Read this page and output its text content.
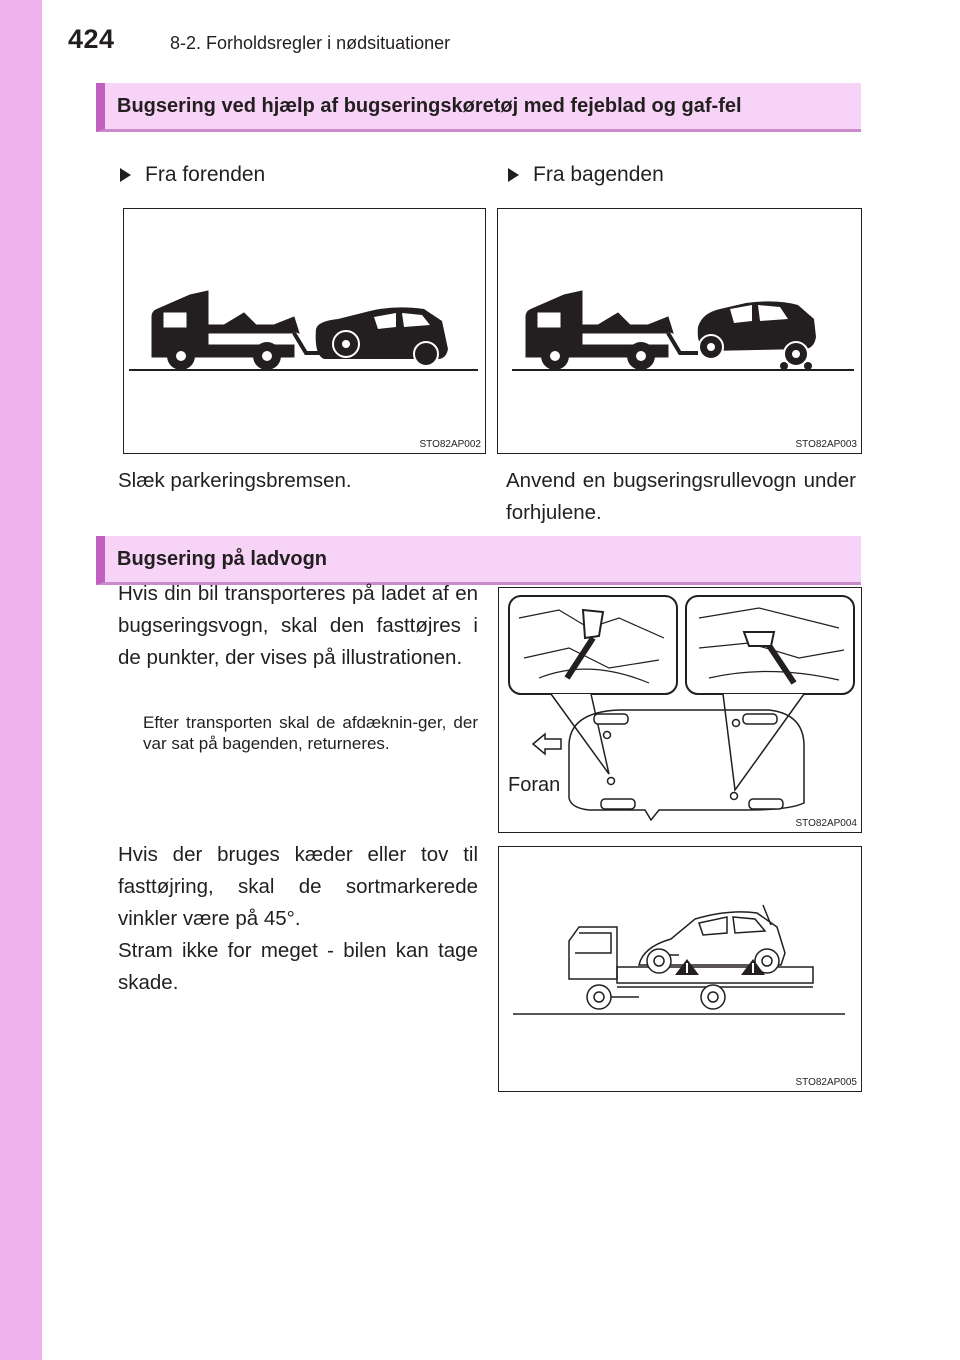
424	8-2. Forholdsregler i nødsituationer
Bugsering ved hjælp af bugseringskøretøj med fejeblad og gaf-fel
Fra forenden	Fra bagenden
STO82AP002	STO82AP003
Slæk parkeringsbremsen.	Anvend en bugseringsrullevogn under forhjulene.
Bugsering på ladvogn
Hvis din bil transporteres på ladet af en bugseringsvogn, skal den fasttøjres i de punkter, der vises på illustrationen.
Efter transporten skal de afdæknin-ger, der var sat på bagenden, returneres.
Hvis der bruges kæder eller tov til fasttøjring, skal de sortmarkerede vinkler være på 45°.
Stram ikke for meget - bilen kan tage skade.
Foran
STO82AP004
STO82AP005
